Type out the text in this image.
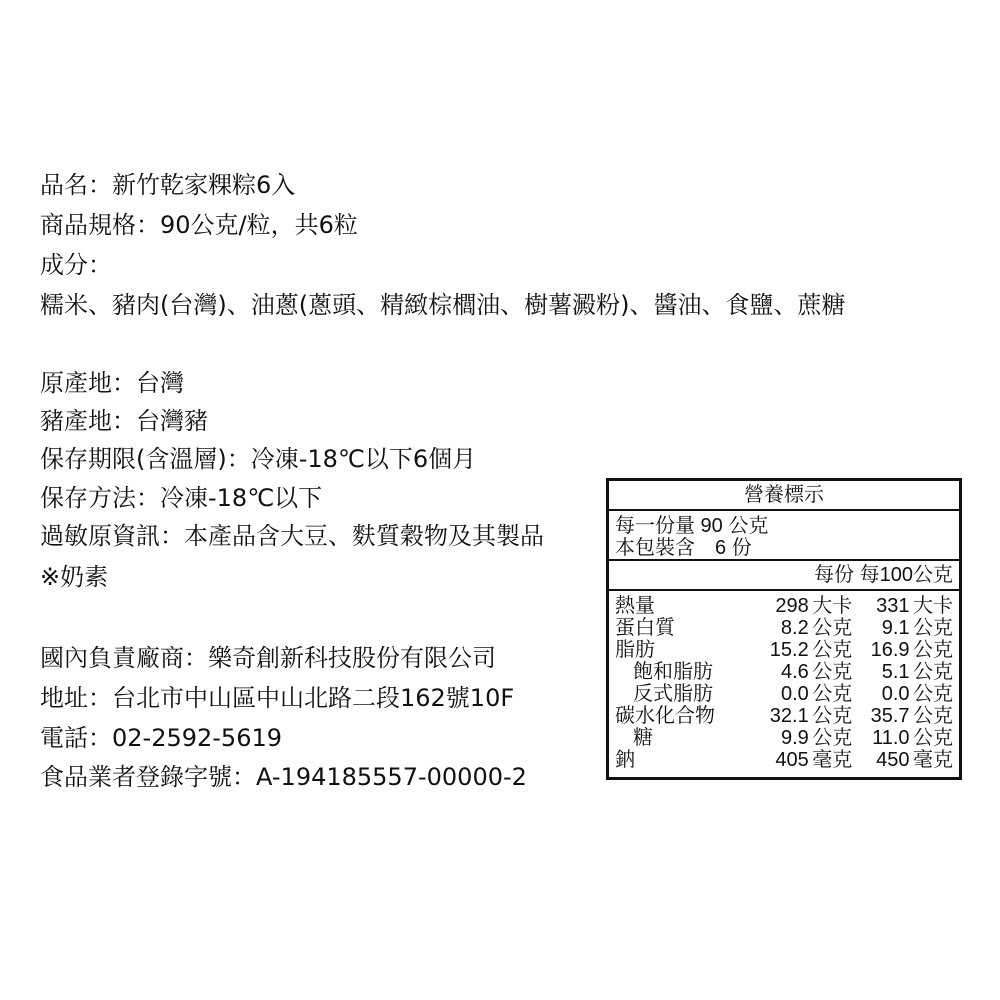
品名：新竹乾家粿粽6入
商品規格：90公克/粒，共6粒
成分：
糯米、豬肉(台灣)、油蔥(蔥頭、精緻棕櫚油、樹薯澱粉)、醬油、食鹽、蔗糖
原產地：台灣
豬產地：台灣豬
保存期限(含溫層)：冷凍-18℃以下6個月
保存方法：冷凍-18℃以下
過敏原資訊：本產品含大豆、麩質穀物及其製品
※奶素
國內負責廠商：樂奇創新科技股份有限公司
地址：台北市中山區中山北路二段162號10F
電話：02-2592-5619
食品業者登錄字號：A-194185557-00000-2
營養標示
每一份量 90 公克
本包裝含　6 份
每份 每100公克
熱量	298 大卡	331 大卡
蛋白質	8.2 公克	9.1 公克
脂肪	15.2 公克 16.9 公克
飽和脂肪	4.6 公克	5.1 公克
反式脂肪	0.0 公克	0.0 公克
碳水化合物	32.1 公克 35.7 公克
糖	9.9 公克 11.0 公克
鈉	405 毫克	450 毫克
